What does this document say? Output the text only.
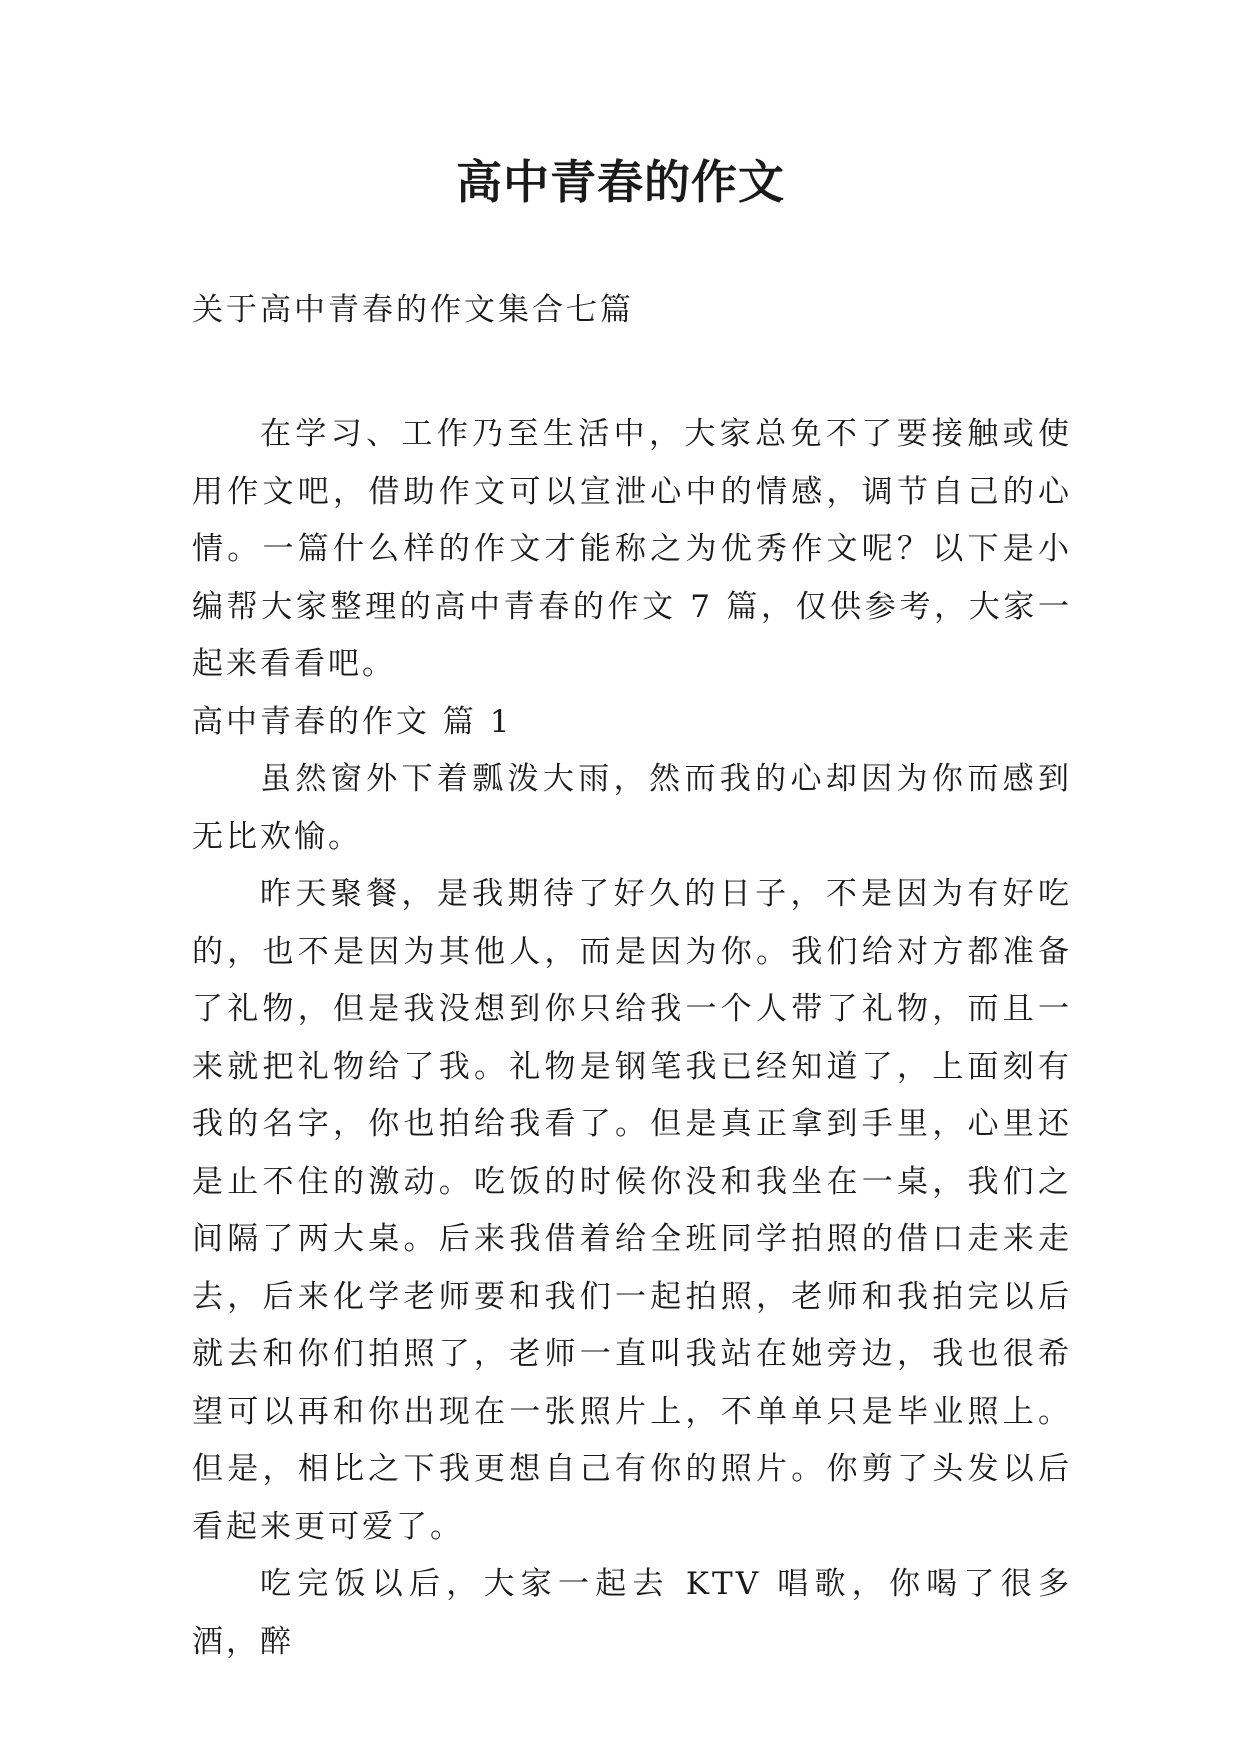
高中青春的作文

关于高中青春的作文集合七篇

在学习、工作乃至生活中，大家总免不了要接触或使用作文吧，借助作文可以宣泄心中的情感，调节自己的心情。一篇什么样的作文才能称之为优秀作文呢？以下是小编帮大家整理的高中青春的作文 7 篇，仅供参考，大家一起来看看吧。
高中青春的作文 篇 1
虽然窗外下着瓢泼大雨，然而我的心却因为你而感到无比欢愉。
昨天聚餐，是我期待了好久的日子，不是因为有好吃的，也不是因为其他人，而是因为你。我们给对方都准备了礼物，但是我没想到你只给我一个人带了礼物，而且一来就把礼物给了我。礼物是钢笔我已经知道了，上面刻有我的名字，你也拍给我看了。但是真正拿到手里，心里还是止不住的激动。吃饭的时候你没和我坐在一桌，我们之间隔了两大桌。后来我借着给全班同学拍照的借口走来走去，后来化学老师要和我们一起拍照，老师和我拍完以后就去和你们拍照了，老师一直叫我站在她旁边，我也很希望可以再和你出现在一张照片上，不单单只是毕业照上。但是，相比之下我更想自己有你的照片。你剪了头发以后看起来更可爱了。
吃完饭以后，大家一起去 KTV 唱歌，你喝了很多酒，醉
